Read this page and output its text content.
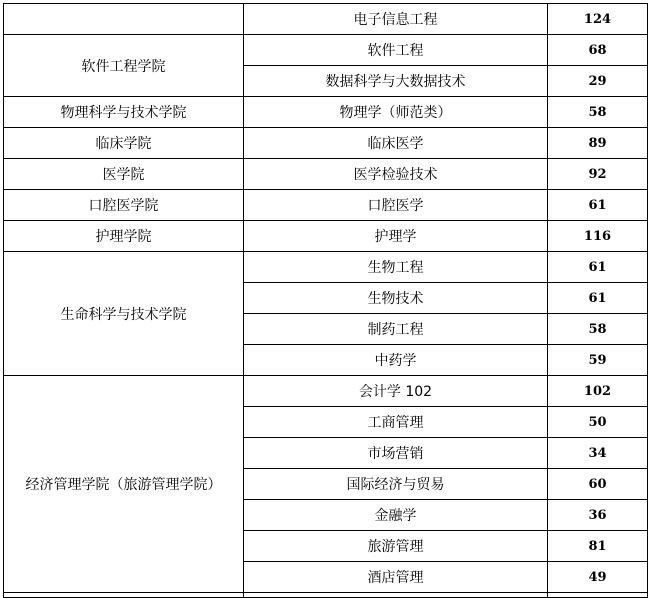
	电子信息工程	124
软件工程学院	软件工程	68
	数据科学与大数据技术	29
物理科学与技术学院	物理学（师范类）	58
临床学院	临床医学	89
医学院	医学检验技术	92
口腔医学院	口腔医学	61
护理学院	护理学	116
生命科学与技术学院	生物工程	61
	生物技术	61
	制药工程	58
	中药学	59
经济管理学院（旅游管理学院）	会计学 102	102
	工商管理	50
	市场营销	34
	国际经济与贸易	60
	金融学	36
	旅游管理	81
	酒店管理	49
